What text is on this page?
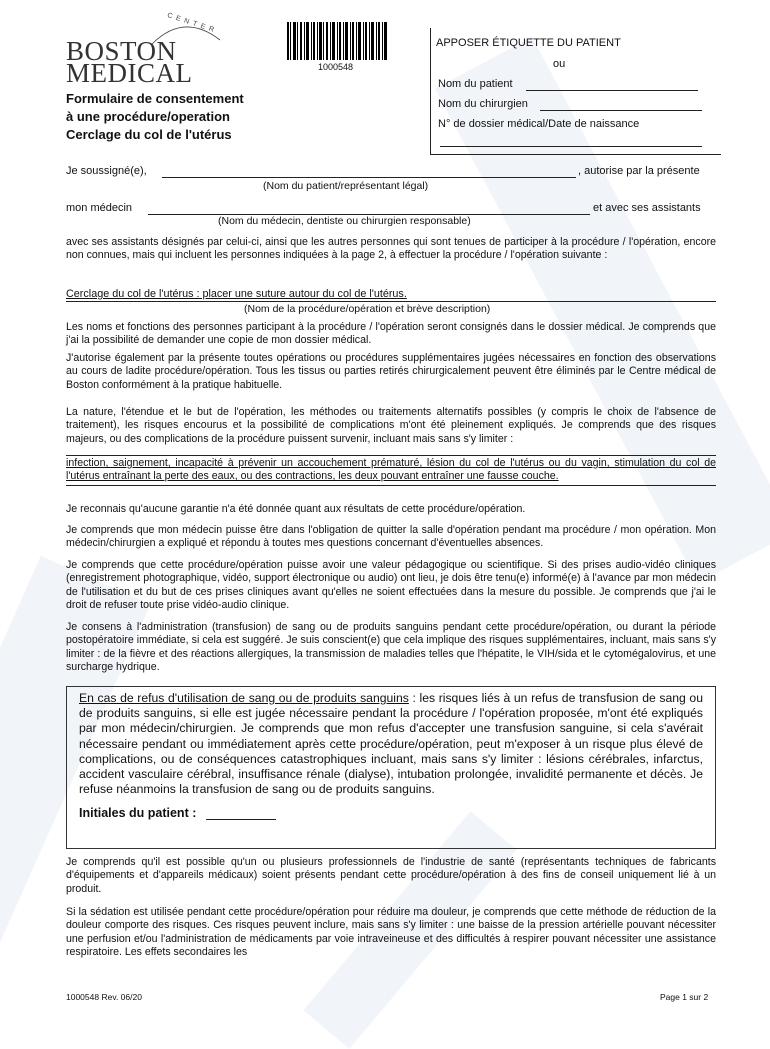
CENTER
BOSTON
MEDICAL	1000548
Formulaire de consentement
à une procédure/operation
Cerclage du col de l'utérus
APPOSER ÉTIQUETTE DU PATIENT
ou
Nom du patient
Nom du chirurgien
N° de dossier médical/Date de naissance
Je soussigné(e),	, autorise par la présente
(Nom du patient/représentant légal)
mon médecin	et avec ses assistants
(Nom du médecin, dentiste ou chirurgien responsable)

avec ses assistants désignés par celui-ci, ainsi que les autres personnes qui sont tenues de participer à la procédure / l'opération, encore non connues, mais qui incluent les personnes indiquées à la page 2, à effectuer la procédure / l'opération suivante :

Cerclage du col de l'utérus : placer une suture autour du col de l'utérus.
(Nom de la procédure/opération et brève description)

Les noms et fonctions des personnes participant à la procédure / l'opération seront consignés dans le dossier médical. Je comprends que j'ai la possibilité de demander une copie de mon dossier médical.

J'autorise également par la présente toutes opérations ou procédures supplémentaires jugées nécessaires en fonction des observations au cours de ladite procédure/opération. Tous les tissus ou parties retirés chirurgicalement peuvent être éliminés par le Centre médical de Boston conformément à la pratique habituelle.

La nature, l'étendue et le but de l'opération, les méthodes ou traitements alternatifs possibles (y compris le choix de l'absence de traitement), les risques encourus et la possibilité de complications m'ont été pleinement expliqués. Je comprends que des risques majeurs, ou des complications de la procédure puissent survenir, incluant mais sans s'y limiter :

infection, saignement, incapacité à prévenir un accouchement prématuré, lésion du col de l'utérus ou du vagin, stimulation du col de l'utérus entraînant la perte des eaux, ou des contractions, les deux pouvant entraîner une fausse couche.

Je reconnais qu'aucune garantie n'a été donnée quant aux résultats de cette procédure/opération.

Je comprends que mon médecin puisse être dans l'obligation de quitter la salle d'opération pendant ma procédure / mon opération. Mon médecin/chirurgien a expliqué et répondu à toutes mes questions concernant d'éventuelles absences.

Je comprends que cette procédure/opération puisse avoir une valeur pédagogique ou scientifique. Si des prises audio-vidéo cliniques (enregistrement photographique, vidéo, support électronique ou audio) ont lieu, je dois être tenu(e) informé(e) à l'avance par mon médecin de l'utilisation et du but de ces prises cliniques avant qu'elles ne soient effectuées dans la mesure du possible. Je comprends que j'ai le droit de refuser toute prise vidéo-audio clinique.

Je consens à l'administration (transfusion) de sang ou de produits sanguins pendant cette procédure/opération, ou durant la période postopératoire immédiate, si cela est suggéré. Je suis conscient(e) que cela implique des risques supplémentaires, incluant, mais sans s'y limiter : de la fièvre et des réactions allergiques, la transmission de maladies telles que l'hépatite, le VIH/sida et le cytomégalovirus, et une surcharge hydrique.

En cas de refus d'utilisation de sang ou de produits sanguins : les risques liés à un refus de transfusion de sang ou de produits sanguins, si elle est jugée nécessaire pendant la procédure / l'opération proposée, m'ont été expliqués par mon médecin/chirurgien. Je comprends que mon refus d'accepter une transfusion sanguine, si cela s'avérait nécessaire pendant ou immédiatement après cette procédure/opération, peut m'exposer à un risque plus élevé de complications, ou de conséquences catastrophiques incluant, mais sans s'y limiter : lésions cérébrales, infarctus, accident vasculaire cérébral, insuffisance rénale (dialyse), intubation prolongée, invalidité permanente et décès. Je refuse néanmoins la transfusion de sang ou de produits sanguins.

Initiales du patient :

Je comprends qu'il est possible qu'un ou plusieurs professionnels de l'industrie de santé (représentants techniques de fabricants d'équipements et d'appareils médicaux) soient présents pendant cette procédure/opération à des fins de conseil uniquement lié à un produit.

Si la sédation est utilisée pendant cette procédure/opération pour réduire ma douleur, je comprends que cette méthode de réduction de la douleur comporte des risques. Ces risques peuvent inclure, mais sans s'y limiter : une baisse de la pression artérielle pouvant nécessiter une perfusion et/ou l'administration de médicaments par voie intraveineuse et des difficultés à respirer pouvant nécessiter une assistance respiratoire. Les effets secondaires les

1000548 Rev. 06/20	Page 1 sur 2
